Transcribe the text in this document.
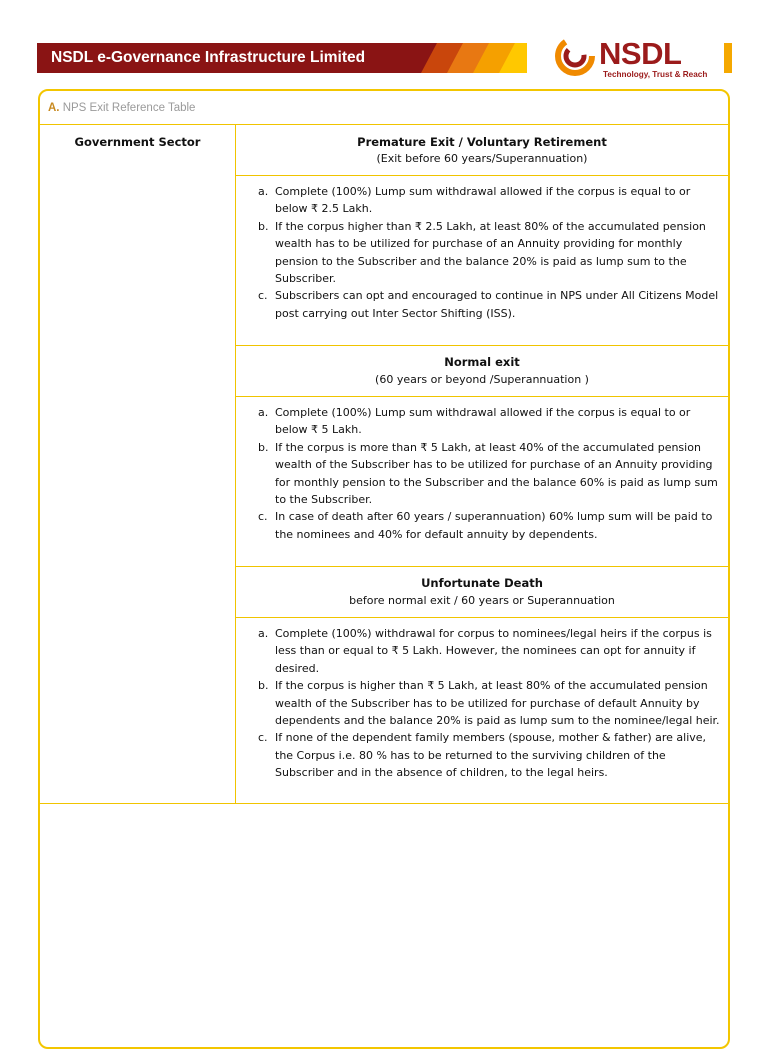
NSDL e-Governance Infrastructure Limited	NSDL
Technology, Trust & Reach
A. NPS Exit Reference Table
Government Sector	Premature Exit / Voluntary Retirement
(Exit before 60 years/Superannuation)
a. Complete (100%) Lump sum withdrawal allowed if the corpus is equal to or below ₹ 2.5 Lakh.
b. If the corpus higher than ₹ 2.5 Lakh, at least 80% of the accumulated pension wealth has to be utilized for purchase of an Annuity providing for monthly pension to the Subscriber and the balance 20% is paid as lump sum to the Subscriber.
c. Subscribers can opt and encouraged to continue in NPS under All Citizens Model post carrying out Inter Sector Shifting (ISS).
Normal exit
(60 years or beyond /Superannuation )
a. Complete (100%) Lump sum withdrawal allowed if the corpus is equal to or below ₹ 5 Lakh.
b. If the corpus is more than ₹ 5 Lakh, at least 40% of the accumulated pension wealth of the Subscriber has to be utilized for purchase of an Annuity providing for monthly pension to the Subscriber and the balance 60% is paid as lump sum to the Subscriber.
c. In case of death after 60 years / superannuation) 60% lump sum will be paid to the nominees and 40% for default annuity by dependents.
Unfortunate Death
before normal exit / 60 years or Superannuation
a. Complete (100%) withdrawal for corpus to nominees/legal heirs if the corpus is less than or equal to ₹ 5 Lakh. However, the nominees can opt for annuity if desired.
b. If the corpus is higher than ₹ 5 Lakh, at least 80% of the accumulated pension wealth of the Subscriber has to be utilized for purchase of default Annuity by dependents and the balance 20% is paid as lump sum to the nominee/legal heir.
c. If none of the dependent family members (spouse, mother & father) are alive, the Corpus i.e. 80 % has to be returned to the surviving children of the Subscriber and in the absence of children, to the legal heirs.
